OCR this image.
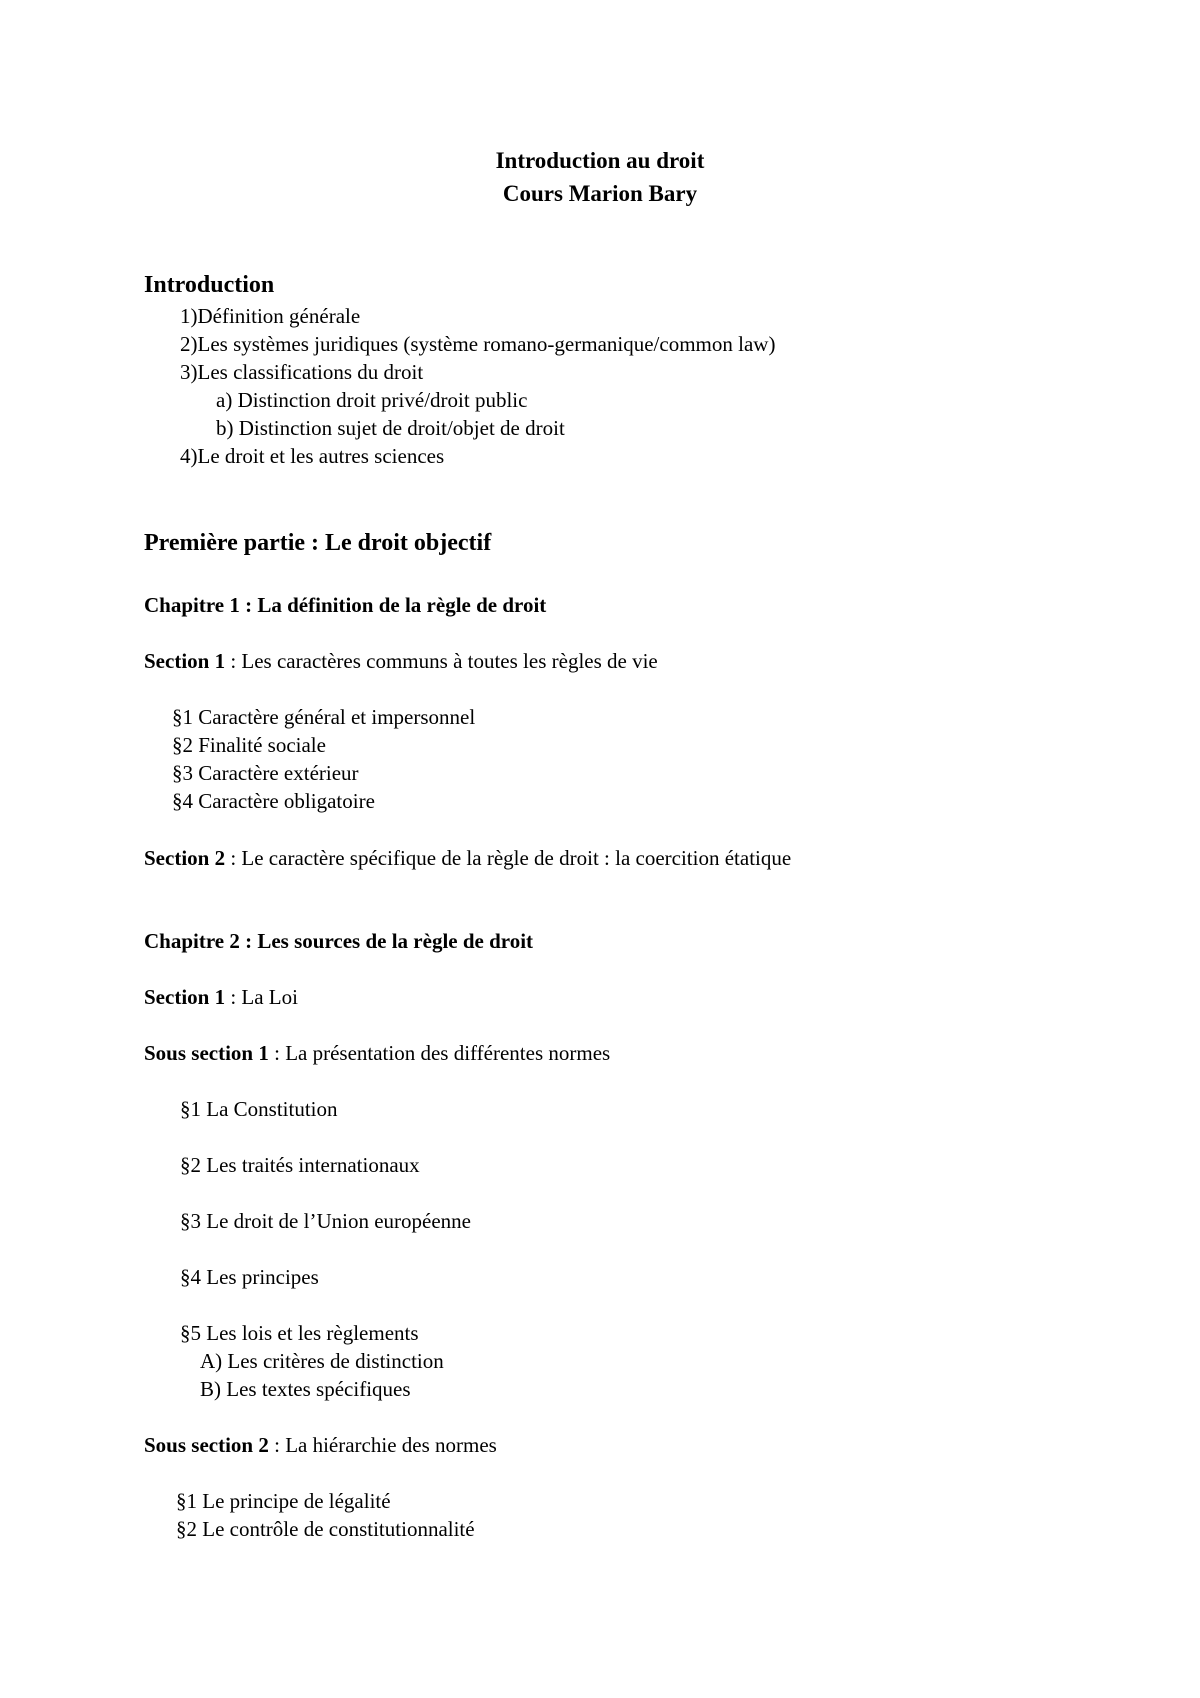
Introduction au droit
Cours Marion Bary
Introduction
1)Définition générale
2)Les systèmes juridiques (système romano-germanique/common law)
3)Les classifications du droit
a) Distinction droit privé/droit public
b) Distinction sujet de droit/objet de droit
4)Le droit et les autres sciences
Première partie : Le droit objectif
Chapitre 1 : La définition de la règle de droit
Section 1 : Les caractères communs à toutes les règles de vie
§1 Caractère général et impersonnel
§2 Finalité sociale
§3 Caractère extérieur
§4 Caractère obligatoire
Section 2 : Le caractère spécifique de la règle de droit : la coercition étatique
Chapitre 2 : Les sources de la règle de droit
Section 1 : La Loi
Sous section 1 : La présentation des différentes normes
§1 La Constitution
§2 Les traités internationaux
§3 Le droit de l’Union européenne
§4 Les principes
§5 Les lois et les règlements
A) Les critères de distinction
B) Les textes spécifiques
Sous section 2 : La hiérarchie des normes
§1 Le principe de légalité
§2 Le contrôle de constitutionnalité
